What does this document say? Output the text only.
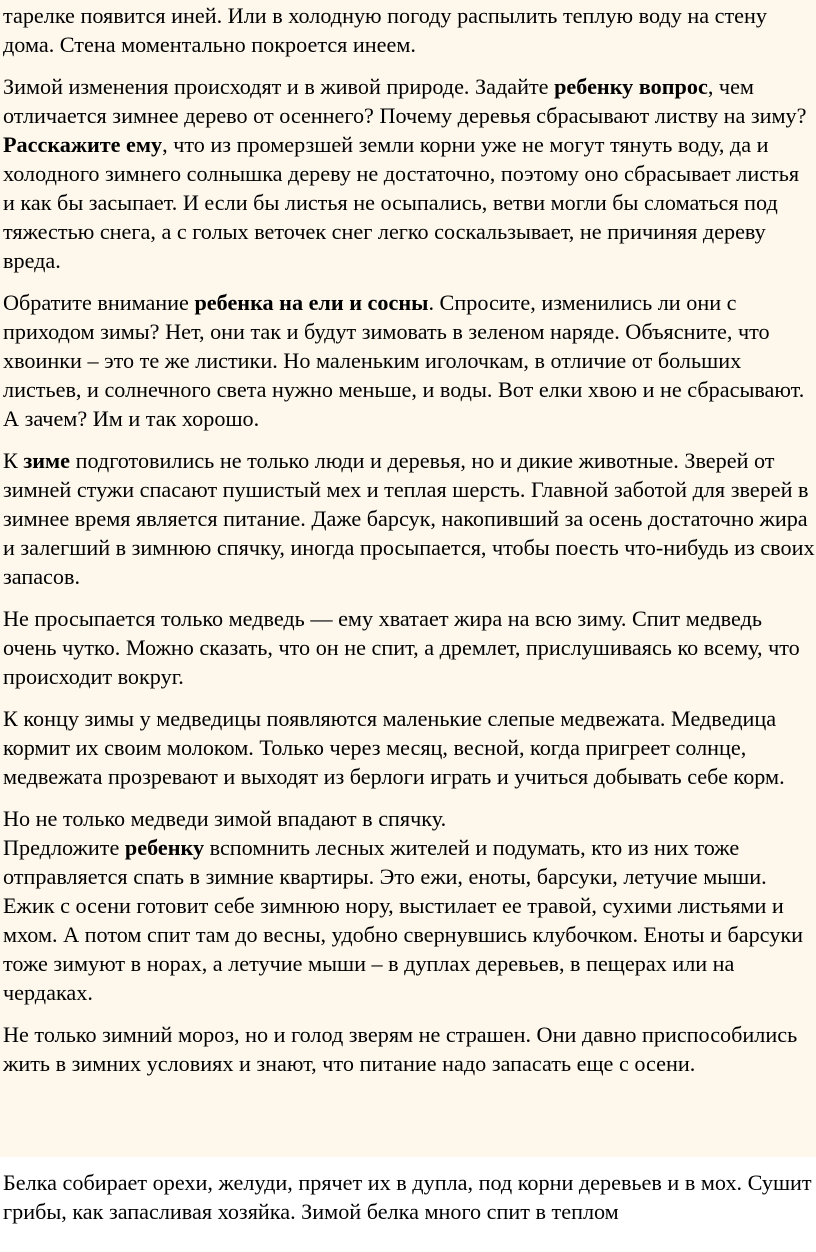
тарелке появится иней. Или в холодную погоду распылить теплую воду на стену дома. Стена моментально покроется инеем.

Зимой изменения происходят и в живой природе. Задайте ребенку вопрос, чем отличается зимнее дерево от осеннего? Почему деревья сбрасывают листву на зиму? Расскажите ему, что из промерзшей земли корни уже не могут тянуть воду, да и холодного зимнего солнышка дереву не достаточно, поэтому оно сбрасывает листья и как бы засыпает. И если бы листья не осыпались, ветви могли бы сломаться под тяжестью снега, а с голых веточек снег легко соскальзывает, не причиняя дереву вреда.

Обратите внимание ребенка на ели и сосны. Спросите, изменились ли они с приходом зимы? Нет, они так и будут зимовать в зеленом наряде. Объясните, что хвоинки – это те же листики. Но маленьким иголочкам, в отличие от больших листьев, и солнечного света нужно меньше, и воды. Вот елки хвою и не сбрасывают. А зачем? Им и так хорошо.

К зиме подготовились не только люди и деревья, но и дикие животные. Зверей от зимней стужи спасают пушистый мех и теплая шерсть. Главной заботой для зверей в зимнее время является питание. Даже барсук, накопивший за осень достаточно жира и залегший в зимнюю спячку, иногда просыпается, чтобы поесть что-нибудь из своих запасов.

Не просыпается только медведь — ему хватает жира на всю зиму. Спит медведь очень чутко. Можно сказать, что он не спит, а дремлет, прислушиваясь ко всему, что происходит вокруг.

К концу зимы у медведицы появляются маленькие слепые медвежата. Медведица кормит их своим молоком. Только через месяц, весной, когда пригреет солнце, медвежата прозревают и выходят из берлоги играть и учиться добывать себе корм.

Но не только медведи зимой впадают в спячку.

Предложите ребенку вспомнить лесных жителей и подумать, кто из них тоже отправляется спать в зимние квартиры. Это ежи, еноты, барсуки, летучие мыши. Ежик с осени готовит себе зимнюю нору, выстилает ее травой, сухими листьями и мхом. А потом спит там до весны, удобно свернувшись клубочком. Еноты и барсуки тоже зимуют в норах, а летучие мыши – в дуплах деревьев, в пещерах или на чердаках.

Не только зимний мороз, но и голод зверям не страшен. Они давно приспособились жить в зимних условиях и знают, что питание надо запасать еще с осени.

Белка собирает орехи, желуди, прячет их в дупла, под корни деревьев и в мох. Сушит грибы, как запасливая хозяйка. Зимой белка много спит в теплом
